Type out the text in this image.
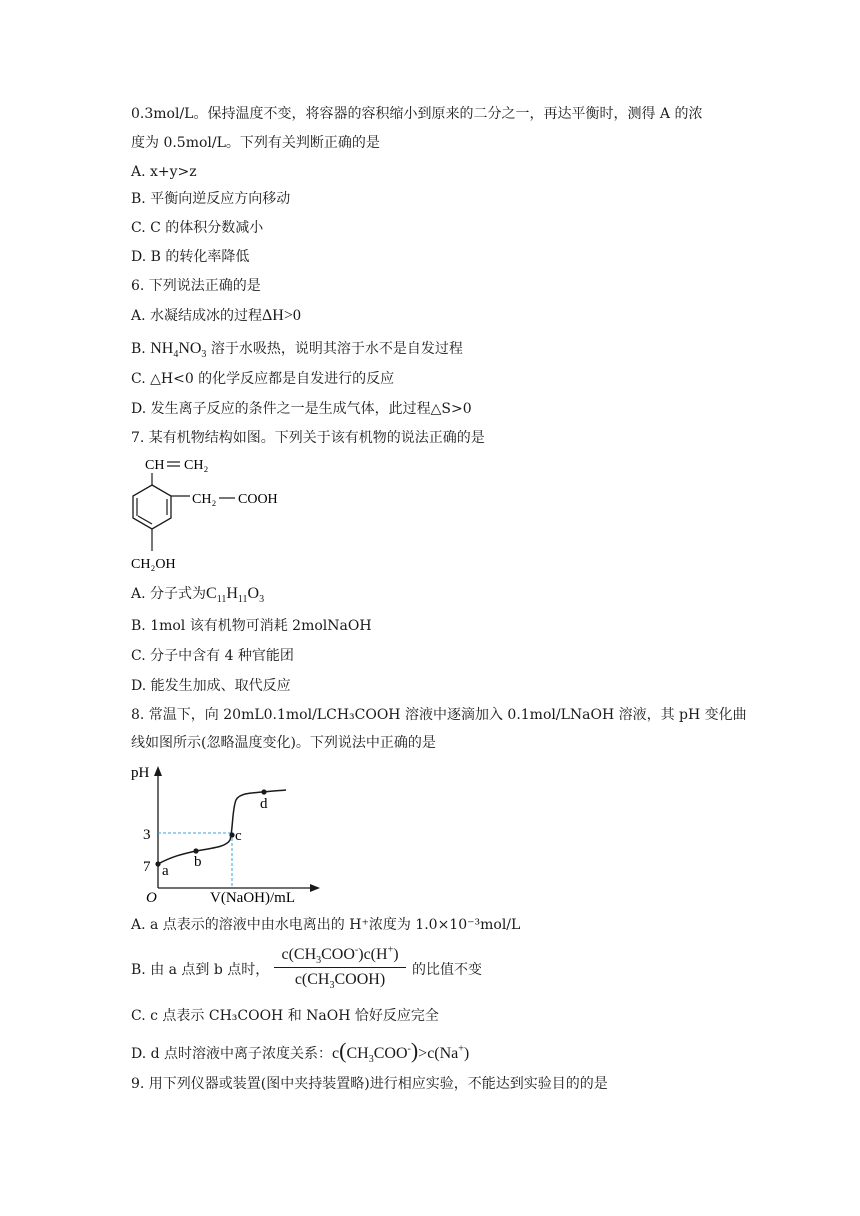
0.3mol/L。保持温度不变，将容器的容积缩小到原来的二分之一，再达平衡时，测得 A 的浓
度为 0.5mol/L。下列有关判断正确的是
A. x+y>z
B. 平衡向逆反应方向移动
C. C 的体积分数减小
D. B 的转化率降低
6. 下列说法正确的是
A. 水凝结成冰的过程ΔH>0
B. $NH_4NO_3$ 溶于水吸热，说明其溶于水不是自发过程
C. △H<0 的化学反应都是自发进行的反应
D. 发生离子反应的条件之一是生成气体，此过程△S>0
7. 某有机物结构如图。下列关于该有机物的说法正确的是
CH CH₂
CH₂ COOH
CH₂OH
A. 分子式为$C_{11}H_{11}O_3$
B. 1mol 该有机物可消耗 2molNaOH
C. 分子中含有 4 种官能团
D. 能发生加成、取代反应
8. 常温下，向 20mL0.1mol/LCH₃COOH 溶液中逐滴加入 0.1mol/LNaOH 溶液，其 pH 变化曲
线如图所示(忽略温度变化)。下列说法中正确的是
pH
O	V(NaOH)/mL
3
7 a
b
c
d
A. a 点表示的溶液中由水电离出的 H⁺浓度为 1.0×10⁻³mol/L
B. 由 a 点到 b 点时，
$c(CH_3COO^-)c(H^+)$
$c(CH_3COOH)$
的比值不变
C. c 点表示 CH₃COOH 和 NaOH 恰好反应完全
D. d 点时溶液中离子浓度关系：$c(CH_3COO^-)>c(Na^+)$
9. 用下列仪器或装置(图中夹持装置略)进行相应实验，不能达到实验目的的是
